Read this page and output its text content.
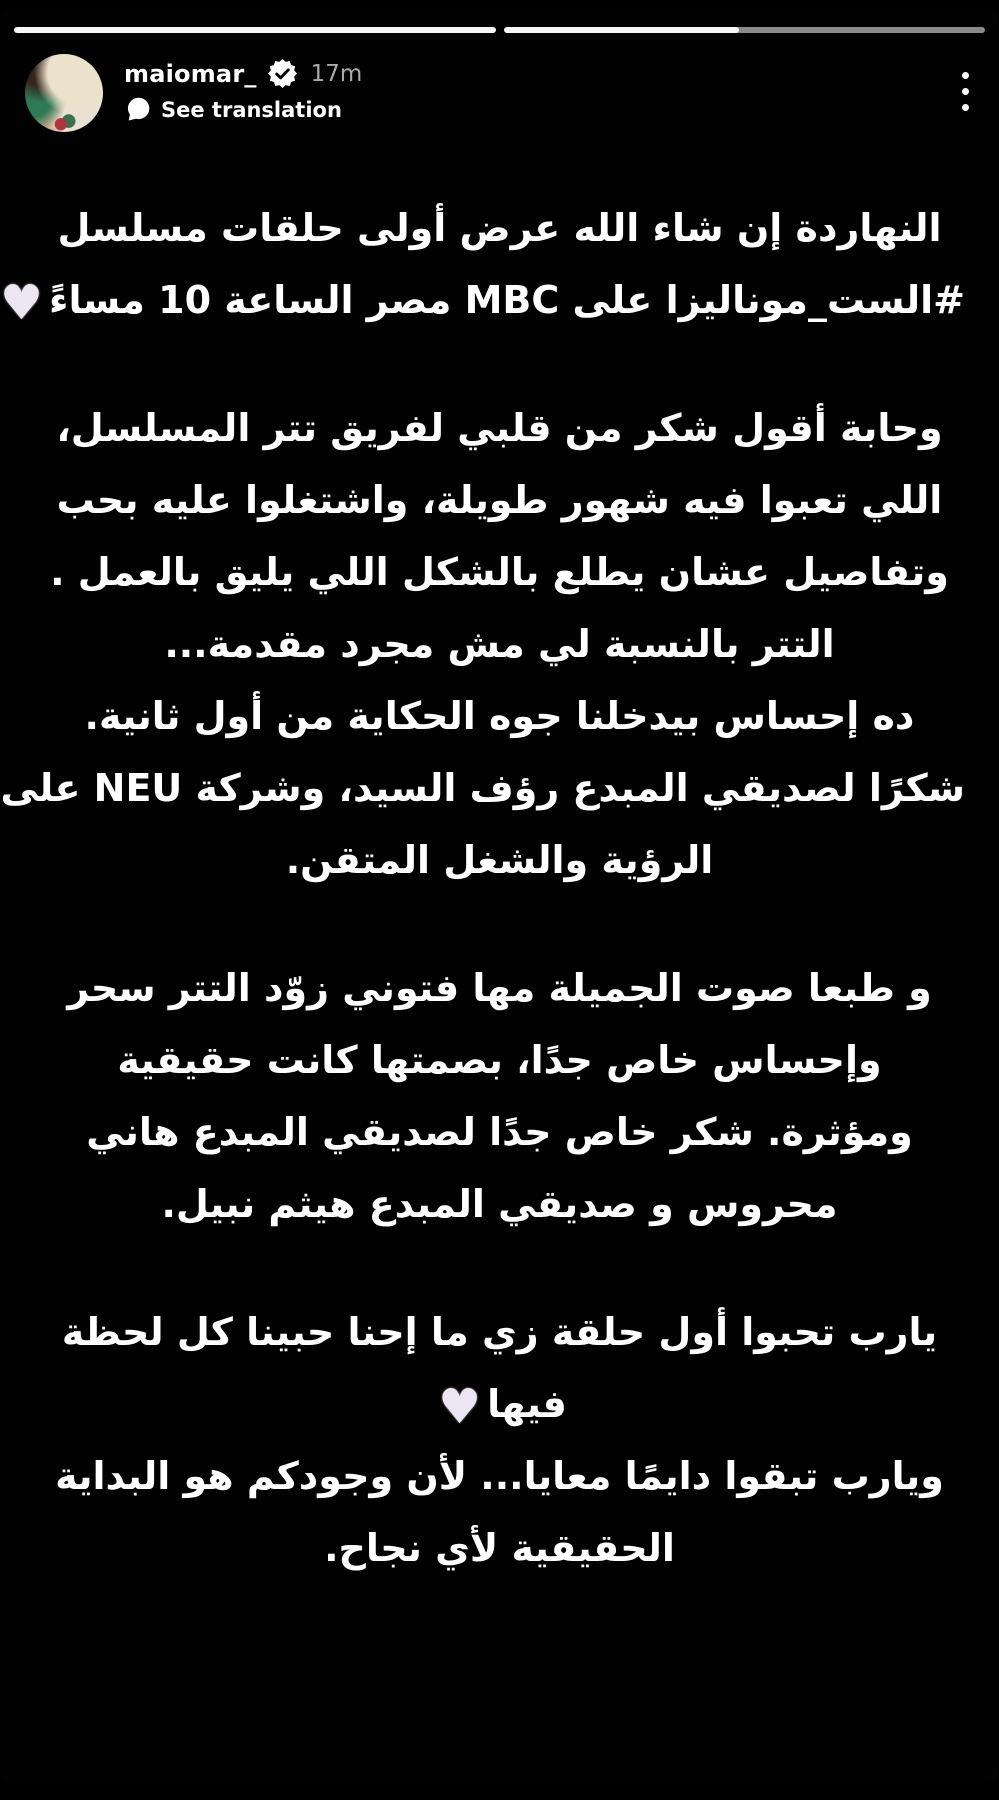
maiomar_ 17m
See translation
النهاردة إن شاء الله عرض أولى حلقات مسلسل
#الست_موناليزا على MBC مصر الساعة 10 مساءً♥
وحابة أقول شكر من قلبي لفريق تتر المسلسل،
اللي تعبوا فيه شهور طويلة، واشتغلوا عليه بحب
وتفاصيل عشان يطلع بالشكل اللي يليق بالعمل .
التتر بالنسبة لي مش مجرد مقدمة...
ده إحساس بيدخلنا جوه الحكاية من أول ثانية.
شكرًا لصديقي المبدع رؤف السيد، وشركة NEU على
الرؤية والشغل المتقن.
و طبعا صوت الجميلة مها فتوني زوّد التتر سحر
وإحساس خاص جدًا، بصمتها كانت حقيقية
ومؤثرة. شكر خاص جدًا لصديقي المبدع هاني
محروس و صديقي المبدع هيثم نبيل.
يارب تحبوا أول حلقة زي ما إحنا حبينا كل لحظة
فيها♥
ويارب تبقوا دايمًا معايا... لأن وجودكم هو البداية
الحقيقية لأي نجاح.
